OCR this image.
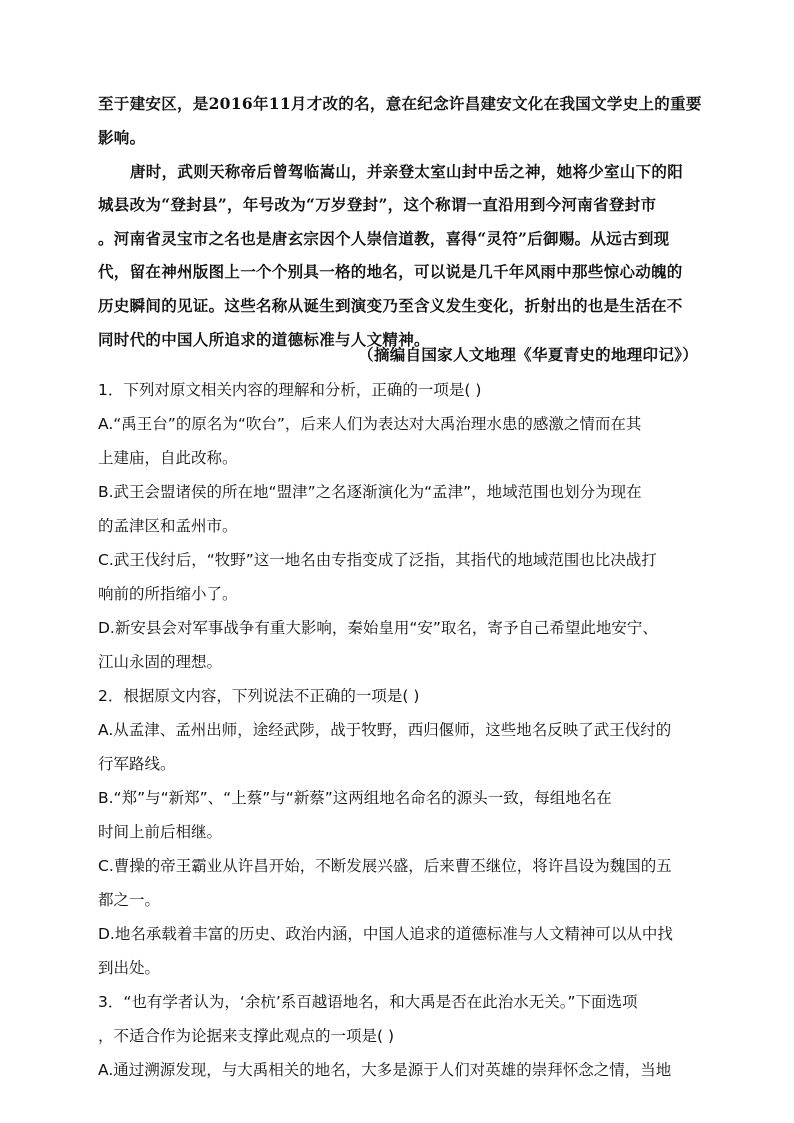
至于建安区，是2016年11月才改的名，意在纪念许昌建安文化在我国文学史上的重要
影响。
唐时，武则天称帝后曾驾临嵩山，并亲登太室山封中岳之神，她将少室山下的阳
城县改为“登封县”，年号改为“万岁登封”，这个称谓一直沿用到今河南省登封市
。河南省灵宝市之名也是唐玄宗因个人崇信道教，喜得“灵符”后御赐。从远古到现
代，留在神州版图上一个个别具一格的地名，可以说是几千年风雨中那些惊心动魄的
历史瞬间的见证。这些名称从诞生到演变乃至含义发生变化，折射出的也是生活在不
同时代的中国人所追求的道德标准与人文精神。
（摘编自国家人文地理《华夏青史的地理印记》）
1．下列对原文相关内容的理解和分析，正确的一项是( )
A.“禹王台”的原名为“吹台”，后来人们为表达对大禹治理水患的感激之情而在其
上建庙，自此改称。
B.武王会盟诸侯的所在地“盟津”之名逐渐演化为“孟津”，地域范围也划分为现在
的孟津区和孟州市。
C.武王伐纣后，“牧野”这一地名由专指变成了泛指，其指代的地域范围也比决战打
响前的所指缩小了。
D.新安县会对军事战争有重大影响，秦始皇用“安”取名，寄予自己希望此地安宁、
江山永固的理想。
2．根据原文内容，下列说法不正确的一项是( )
A.从孟津、孟州出师，途经武陟，战于牧野，西归偃师，这些地名反映了武王伐纣的
行军路线。
B.“郑”与“新郑”、“上蔡”与“新蔡”这两组地名命名的源头一致，每组地名在
时间上前后相继。
C.曹操的帝王霸业从许昌开始，不断发展兴盛，后来曹丕继位，将许昌设为魏国的五
都之一。
D.地名承载着丰富的历史、政治内涵，中国人追求的道德标准与人文精神可以从中找
到出处。
3．“也有学者认为，‘余杭’系百越语地名，和大禹是否在此治水无关。”下面选项
，不适合作为论据来支撑此观点的一项是( )
A.通过溯源发现，与大禹相关的地名，大多是源于人们对英雄的崇拜怀念之情，当地
